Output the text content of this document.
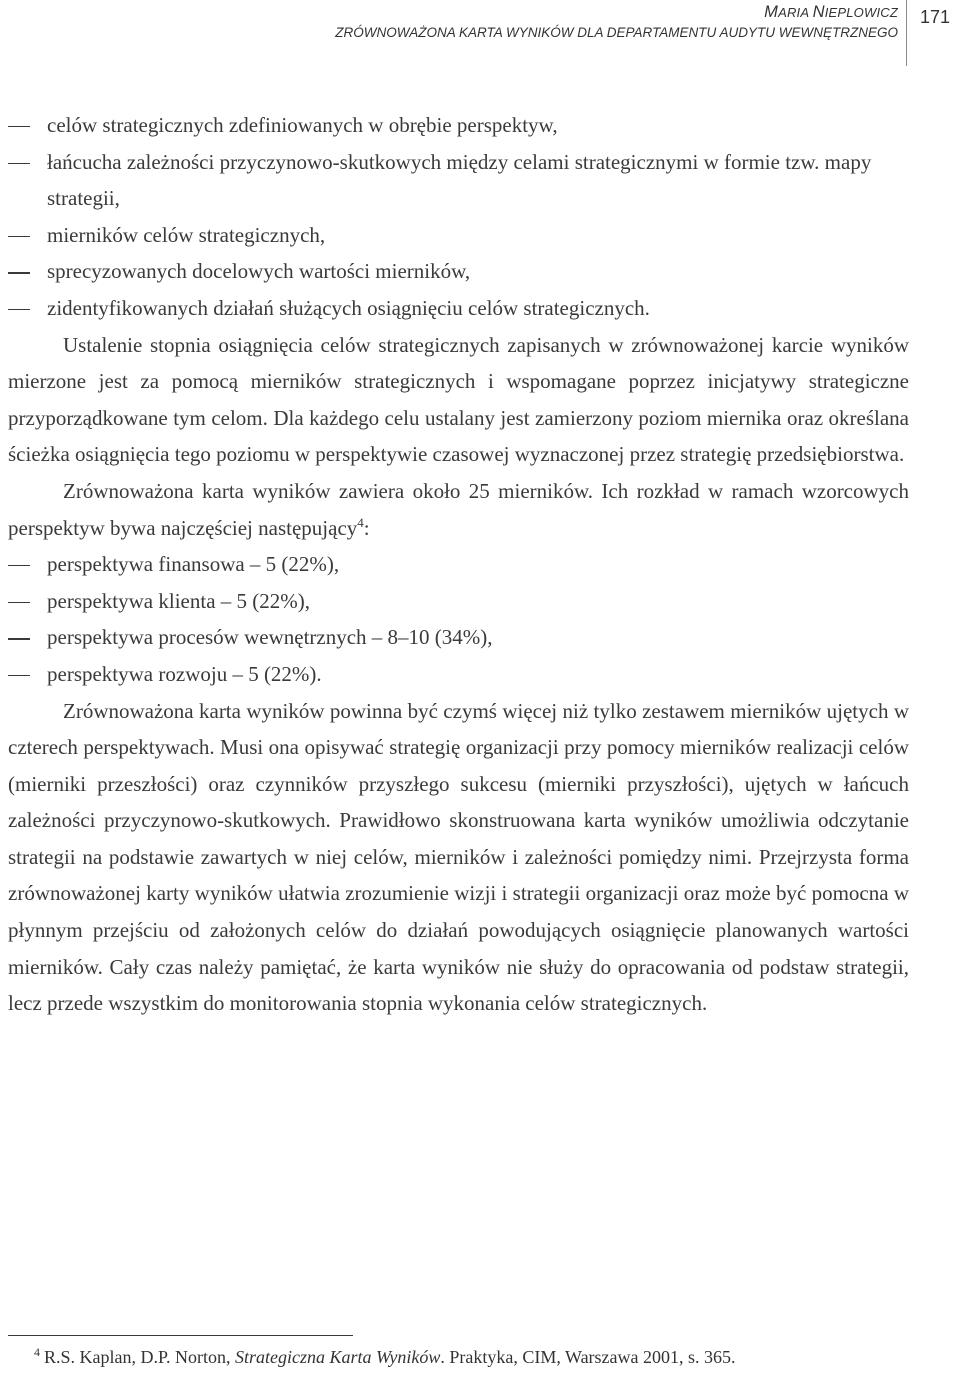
MARIA NIEPLOWICZ
ZRÓWNOWAŻONA KARTA WYNIKÓW DLA DEPARTAMENTU AUDYTU WEWNĘTRZNEGO
171

celów strategicznych zdefiniowanych w obrębie perspektyw,

łańcucha zależności przyczynowo-skutkowych między celami strategicznymi w formie tzw. mapy strategii,

mierników celów strategicznych,

sprecyzowanych docelowych wartości mierników,

zidentyfikowanych działań służących osiągnięciu celów strategicznych.

Ustalenie stopnia osiągnięcia celów strategicznych zapisanych w zrównoważonej karcie wyników mierzone jest za pomocą mierników strategicznych i wspomagane poprzez inicjatywy strategiczne przyporządkowane tym celom. Dla każdego celu ustalany jest zamierzony poziom miernika oraz określana ścieżka osiągnięcia tego poziomu w perspektywie czasowej wyznaczonej przez strategię przedsiębiorstwa.

Zrównoważona karta wyników zawiera około 25 mierników. Ich rozkład w ramach wzorcowych perspektyw bywa najczęściej następujący$^4$:

perspektywa finansowa – 5 (22%),

perspektywa klienta – 5 (22%),

perspektywa procesów wewnętrznych – 8–10 (34%),

perspektywa rozwoju – 5 (22%).

Zrównoważona karta wyników powinna być czymś więcej niż tylko zestawem mierników ujętych w czterech perspektywach. Musi ona opisywać strategię organizacji przy pomocy mierników realizacji celów (mierniki przeszłości) oraz czynników przyszłego sukcesu (mierniki przyszłości), ujętych w łańcuch zależności przyczynowo-skutkowych. Prawidłowo skonstruowana karta wyników umożliwia odczytanie strategii na podstawie zawartych w niej celów, mierników i zależności pomiędzy nimi. Przejrzysta forma zrównoważonej karty wyników ułatwia zrozumienie wizji i strategii organizacji oraz może być pomocna w płynnym przejściu od założonych celów do działań powodujących osiągnięcie planowanych wartości mierników. Cały czas należy pamiętać, że karta wyników nie służy do opracowania od podstaw strategii, lecz przede wszystkim do monitorowania stopnia wykonania celów strategicznych.

$^4$ R.S. Kaplan, D.P. Norton, Strategiczna Karta Wyników. Praktyka, CIM, Warszawa 2001, s. 365.
